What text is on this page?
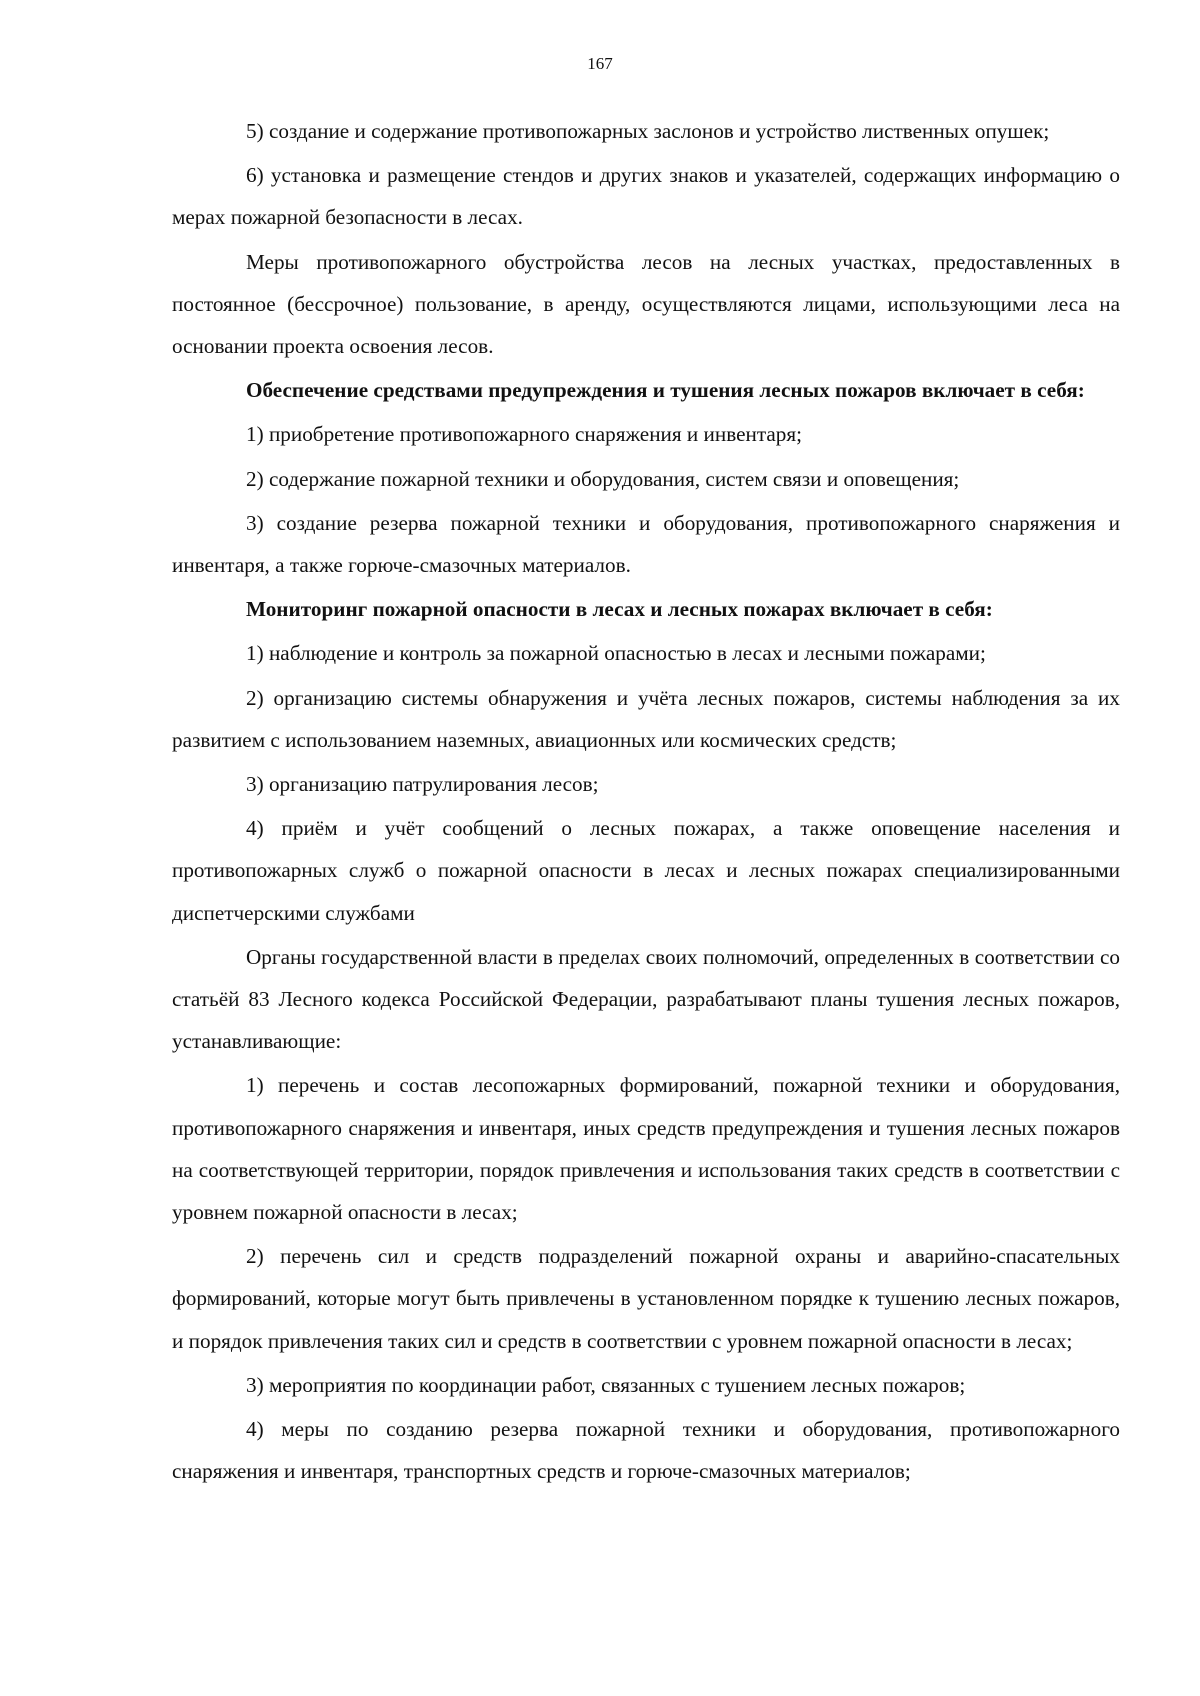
167

5) создание и содержание противопожарных заслонов и устройство лиственных опушек;

6) установка и размещение стендов и других знаков и указателей, содержащих информацию о мерах пожарной безопасности в лесах.

Меры противопожарного обустройства лесов на лесных участках, предоставленных в постоянное (бессрочное) пользование, в аренду, осуществляются лицами, использующими леса на основании проекта освоения лесов.

Обеспечение средствами предупреждения и тушения лесных пожаров включает в себя:

1) приобретение противопожарного снаряжения и инвентаря;

2) содержание пожарной техники и оборудования, систем связи и оповещения;

3) создание резерва пожарной техники и оборудования, противопожарного снаряжения и инвентаря, а также горюче-смазочных материалов.

Мониторинг пожарной опасности в лесах и лесных пожарах включает в себя:

1) наблюдение и контроль за пожарной опасностью в лесах и лесными пожарами;

2) организацию системы обнаружения и учёта лесных пожаров, системы наблюдения за их развитием с использованием наземных, авиационных или космических средств;

3) организацию патрулирования лесов;

4) приём и учёт сообщений о лесных пожарах, а также оповещение населения и противопожарных служб о пожарной опасности в лесах и лесных пожарах специализированными диспетчерскими службами

Органы государственной власти в пределах своих полномочий, определенных в соответствии со статьёй 83 Лесного кодекса Российской Федерации, разрабатывают планы тушения лесных пожаров, устанавливающие:

1) перечень и состав лесопожарных формирований, пожарной техники и оборудования, противопожарного снаряжения и инвентаря, иных средств предупреждения и тушения лесных пожаров на соответствующей территории, порядок привлечения и использования таких средств в соответствии с уровнем пожарной опасности в лесах;

2) перечень сил и средств подразделений пожарной охраны и аварийно-спасательных формирований, которые могут быть привлечены в установленном порядке к тушению лесных пожаров, и порядок привлечения таких сил и средств в соответствии с уровнем пожарной опасности в лесах;

3) мероприятия по координации работ, связанных с тушением лесных пожаров;

4) меры по созданию резерва пожарной техники и оборудования, противопожарного снаряжения и инвентаря, транспортных средств и горюче-смазочных материалов;
